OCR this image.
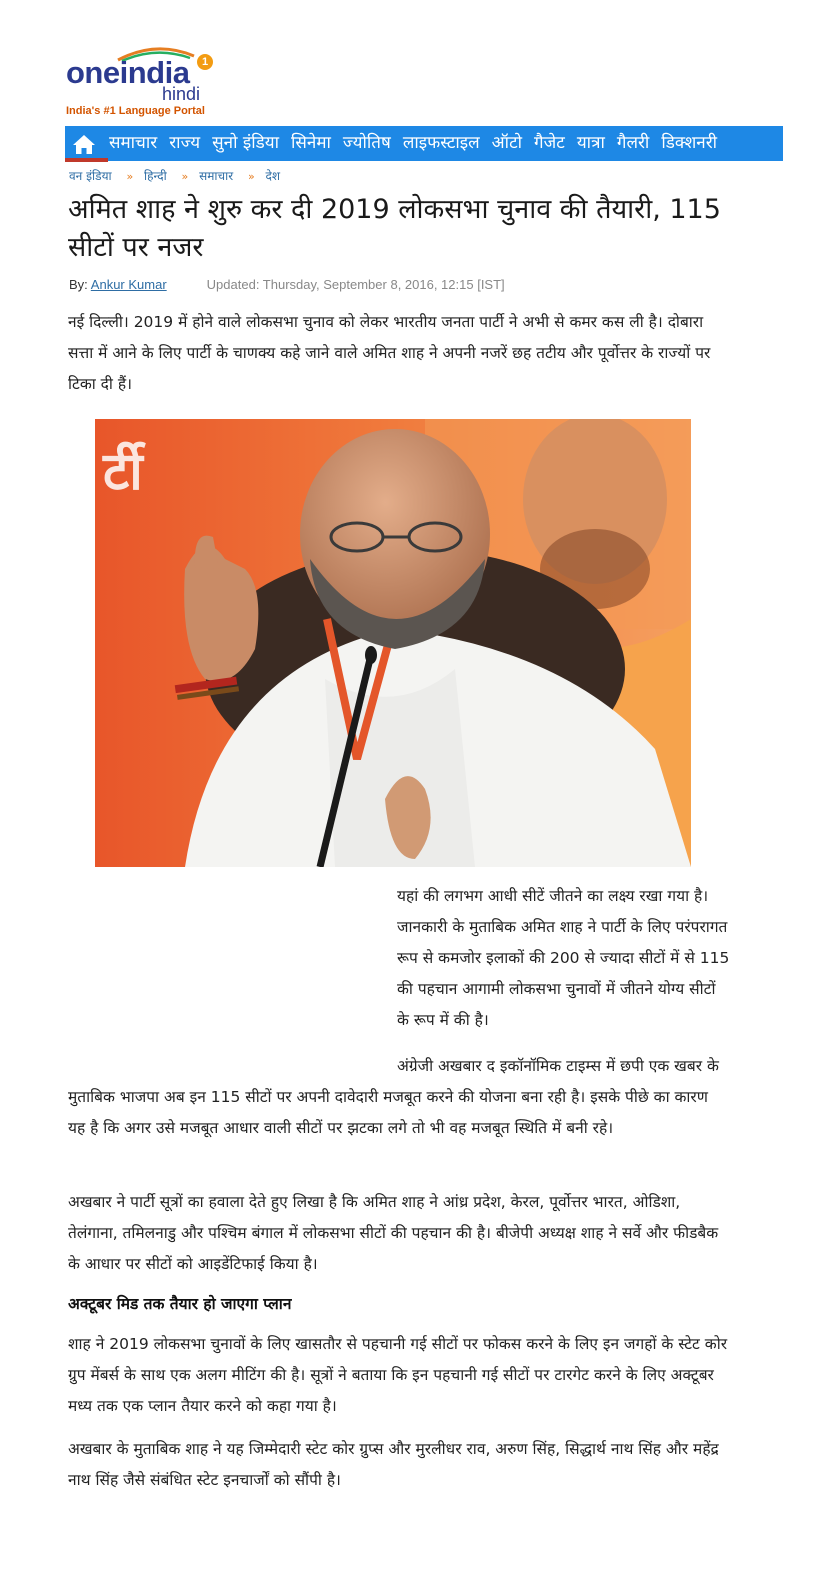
oneindia	1
hindi
India's #1 Language Portal
समाचार राज्य सुनो इंडिया सिनेमा ज्योतिष लाइफस्टाइल ऑटो गैजेट यात्रा गैलरी डिक्शनरी
वन इंडिया » हिन्दी » समाचार » देश
अमित शाह ने शुरु कर दी 2019 लोकसभा चुनाव की तैयारी, 115 सीटों पर नजर
By: Ankur Kumar	Updated: Thursday, September 8, 2016, 12:15 [IST]

नई दिल्ली। 2019 में होने वाले लोकसभा चुनाव को लेकर भारतीय जनता पार्टी ने अभी से कमर कस ली है। दोबारा सत्ता में आने के लिए पार्टी के चाणक्य कहे जाने वाले अमित शाह ने अपनी नजरें छह तटीय और पूर्वोत्तर के राज्यों पर टिका दी हैं।

र्टी

यहां की लगभग आधी सीटें जीतने का लक्ष्य रखा गया है। जानकारी के मुताबिक अमित शाह ने पार्टी के लिए परंपरागत रूप से कमजोर इलाकों की 200 से ज्यादा सीटों में से 115 की पहचान आगामी लोकसभा चुनावों में जीतने योग्य सीटों के रूप में की है।

अंग्रेजी अखबार द इकॉनॉमिक टाइम्स में छपी एक खबर के मुताबिक भाजपा अब इन 115 सीटों पर अपनी दावेदारी मजबूत करने की योजना बना रही है। इसके पीछे का कारण यह है कि अगर उसे मजबूत आधार वाली सीटों पर झटका लगे तो भी वह मजबूत स्थिति में बनी रहे।

अखबार ने पार्टी सूत्रों का हवाला देते हुए लिखा है कि अमित शाह ने आंध्र प्रदेश, केरल, पूर्वोत्तर भारत, ओडिशा, तेलंगाना, तमिलनाडु और पश्चिम बंगाल में लोकसभा सीटों की पहचान की है। बीजेपी अध्यक्ष शाह ने सर्वे और फीडबैक के आधार पर सीटों को आइडेंटिफाई किया है।

अक्टूबर मिड तक तैयार हो जाएगा प्लान

शाह ने 2019 लोकसभा चुनावों के लिए खासतौर से पहचानी गई सीटों पर फोकस करने के लिए इन जगहों के स्टेट कोर ग्रुप मेंबर्स के साथ एक अलग मीटिंग की है। सूत्रों ने बताया कि इन पहचानी गई सीटों पर टारगेट करने के लिए अक्टूबर मध्य तक एक प्लान तैयार करने को कहा गया है।

अखबार के मुताबिक शाह ने यह जिम्मेदारी स्टेट कोर ग्रुप्स और मुरलीधर राव, अरुण सिंह, सिद्धार्थ नाथ सिंह और महेंद्र नाथ सिंह जैसे संबंधित स्टेट इनचार्जों को सौंपी है।
